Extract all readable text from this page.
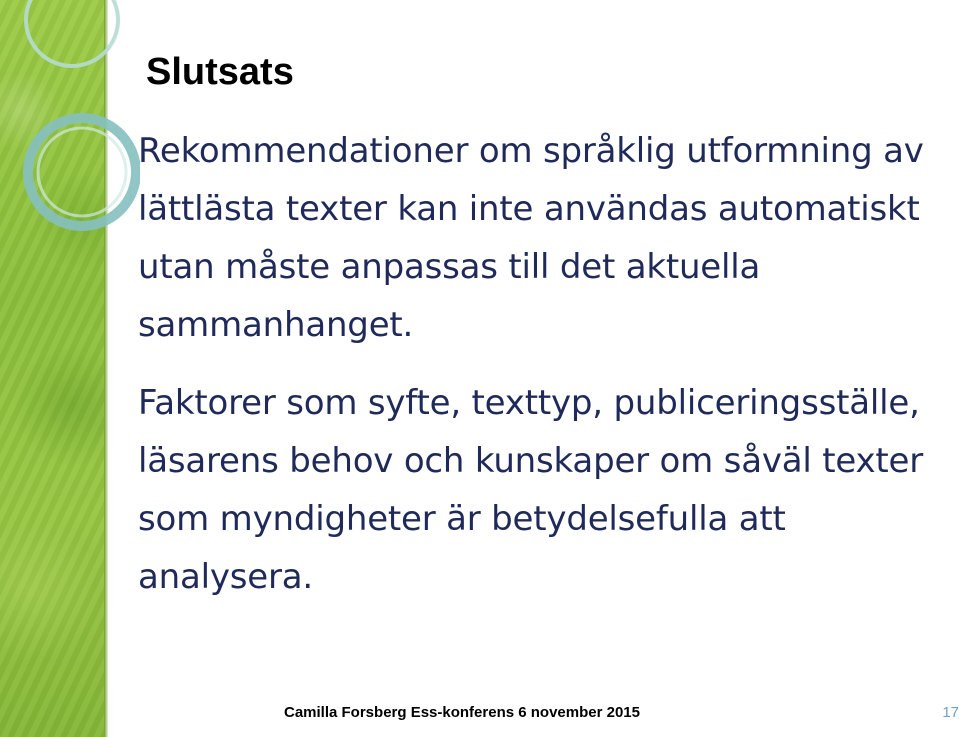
Slutsats

Rekommendationer om språklig utformning av lättlästa texter kan inte användas automatiskt utan måste anpassas till det aktuella sammanhanget.

Faktorer som syfte, texttyp, publiceringsställe, läsarens behov och kunskaper om såväl texter som myndigheter är betydelsefulla att analysera.

Camilla Forsberg Ess-konferens 6 november 2015	17
